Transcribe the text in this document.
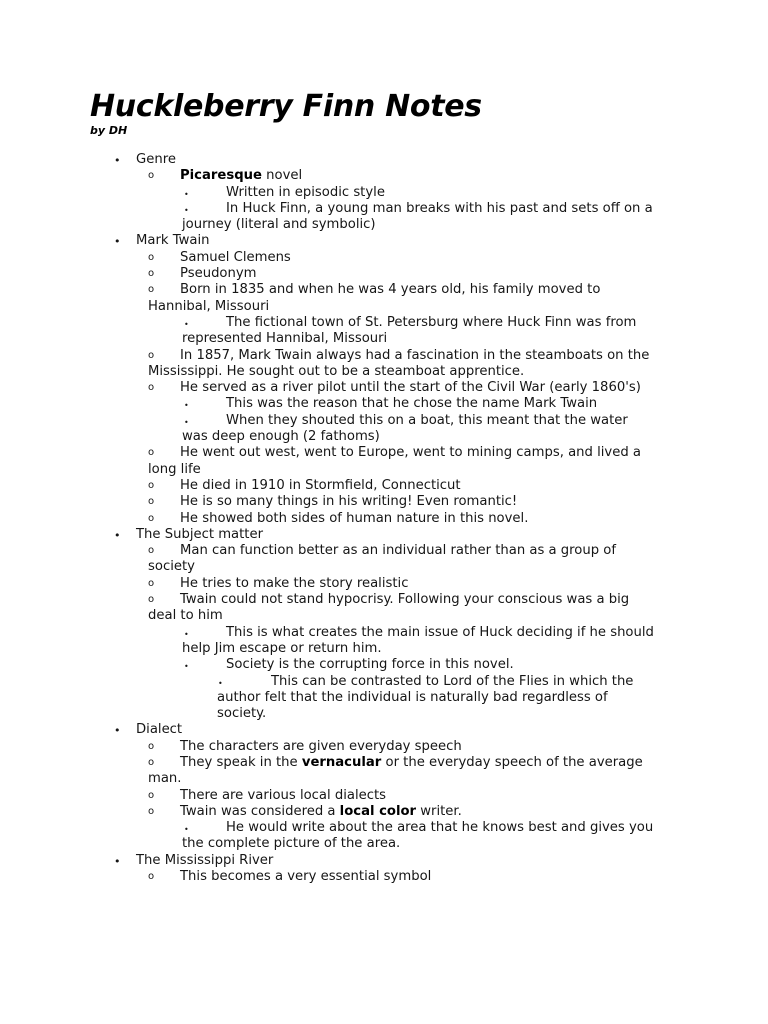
Huckleberry Finn Notes
by DH
•	Genre
o	Picaresque novel
•	Written in episodic style
•	In Huck Finn, a young man breaks with his past and sets off on a
journey (literal and symbolic)
•	Mark Twain
o	Samuel Clemens
o	Pseudonym
o	Born in 1835 and when he was 4 years old, his family moved to
Hannibal, Missouri
•	The fictional town of St. Petersburg where Huck Finn was from
represented Hannibal, Missouri
o	In 1857, Mark Twain always had a fascination in the steamboats on the
Mississippi. He sought out to be a steamboat apprentice.
o	He served as a river pilot until the start of the Civil War (early 1860's)
•	This was the reason that he chose the name Mark Twain
•	When they shouted this on a boat, this meant that the water
was deep enough (2 fathoms)
o	He went out west, went to Europe, went to mining camps, and lived a
long life
o	He died in 1910 in Stormfield, Connecticut
o	He is so many things in his writing! Even romantic!
o	He showed both sides of human nature in this novel.
•	The Subject matter
o	Man can function better as an individual rather than as a group of
society
o	He tries to make the story realistic
o	Twain could not stand hypocrisy. Following your conscious was a big
deal to him
•	This is what creates the main issue of Huck deciding if he should
help Jim escape or return him.
•	Society is the corrupting force in this novel.
•	This can be contrasted to Lord of the Flies in which the
author felt that the individual is naturally bad regardless of
society.
•	Dialect
o	The characters are given everyday speech
o	They speak in the vernacular or the everyday speech of the average
man.
o	There are various local dialects
o	Twain was considered a local color writer.
•	He would write about the area that he knows best and gives you
the complete picture of the area.
•	The Mississippi River
o	This becomes a very essential symbol
